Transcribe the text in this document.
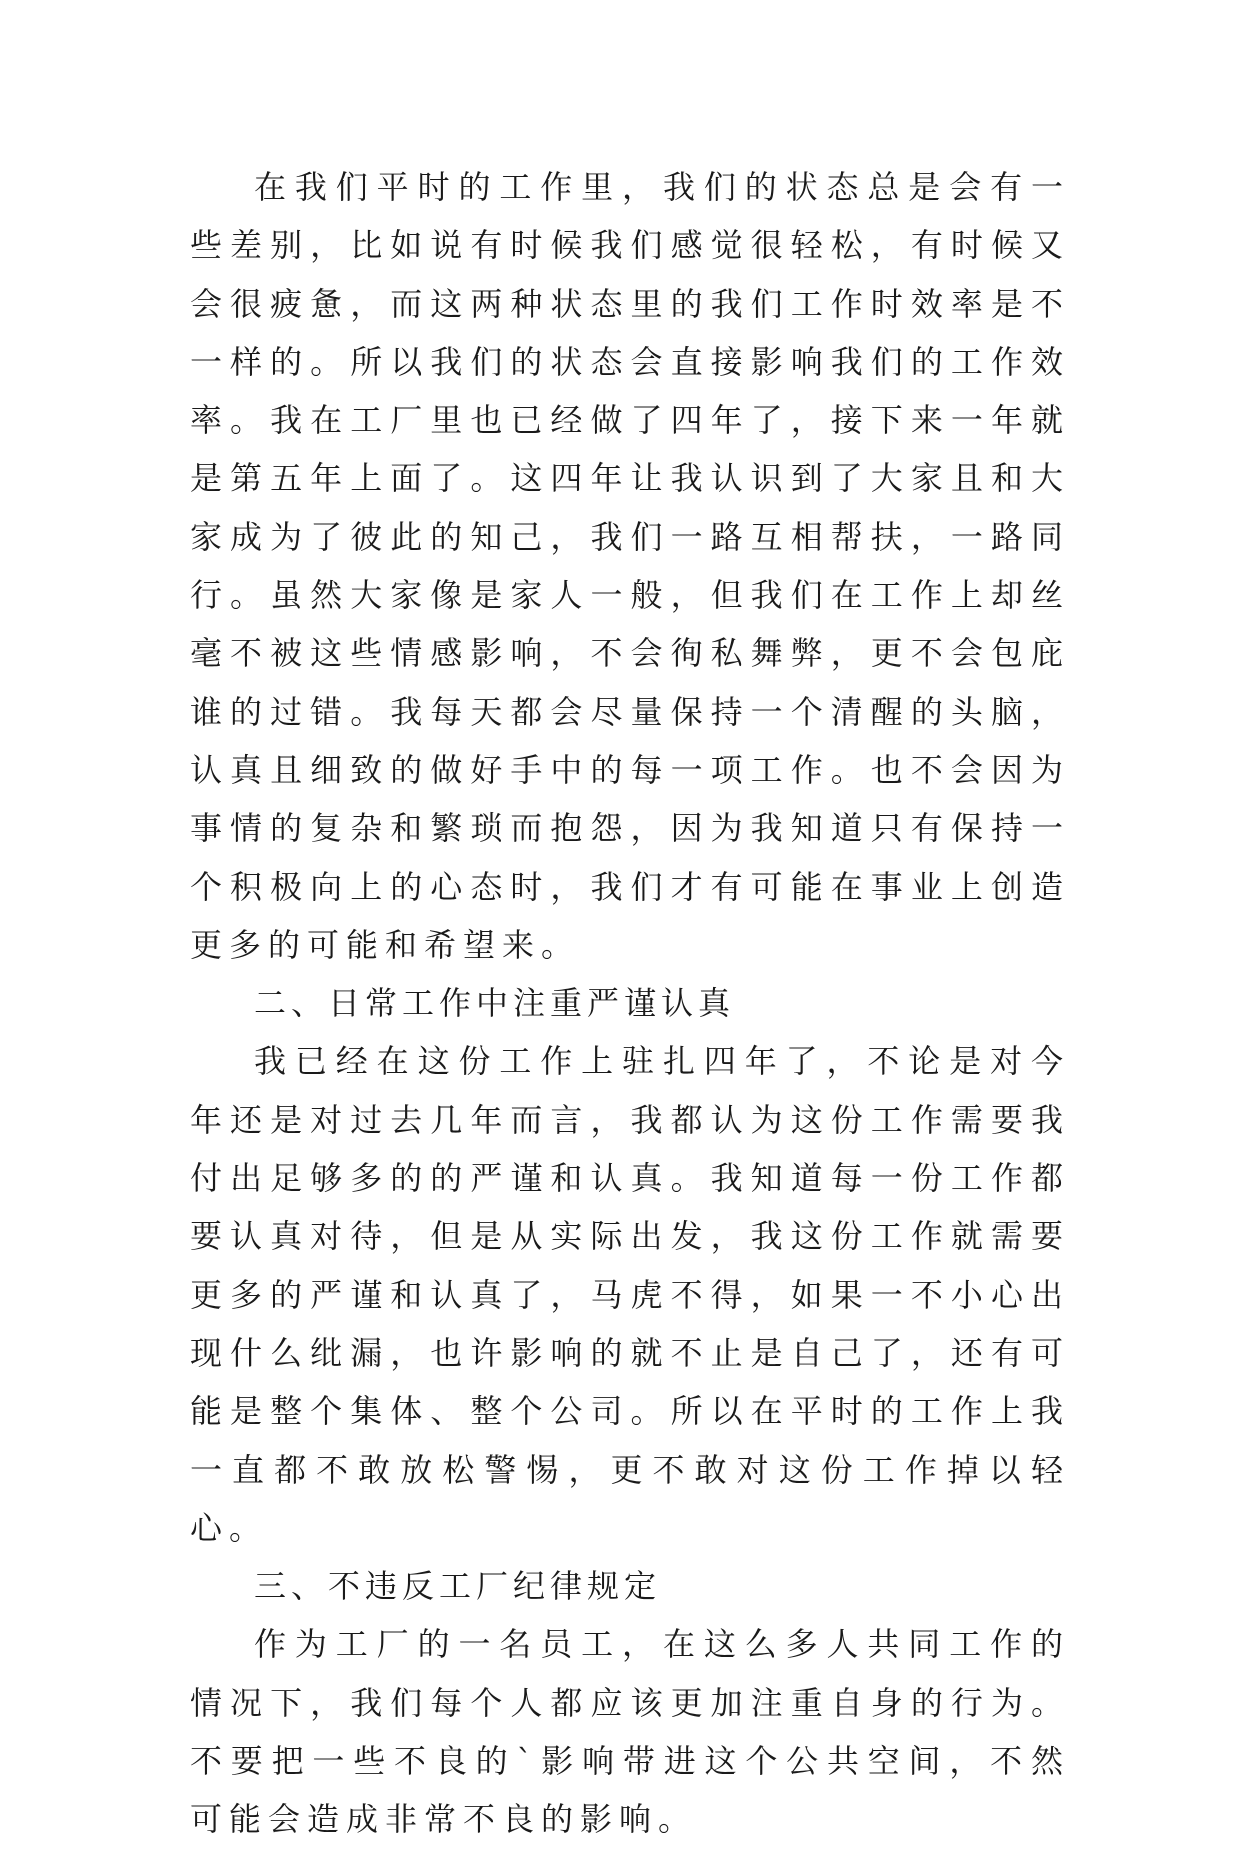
在我们平时的工作里，我们的状态总是会有一些差别，比如说有时候我们感觉很轻松，有时候又会很疲惫，而这两种状态里的我们工作时效率是不一样的。所以我们的状态会直接影响我们的工作效率。我在工厂里也已经做了四年了，接下来一年就是第五年上面了。这四年让我认识到了大家且和大家成为了彼此的知己，我们一路互相帮扶，一路同行。虽然大家像是家人一般，但我们在工作上却丝毫不被这些情感影响，不会徇私舞弊，更不会包庇谁的过错。我每天都会尽量保持一个清醒的头脑，认真且细致的做好手中的每一项工作。也不会因为事情的复杂和繁琐而抱怨，因为我知道只有保持一个积极向上的心态时，我们才有可能在事业上创造更多的可能和希望来。

二、日常工作中注重严谨认真

我已经在这份工作上驻扎四年了，不论是对今年还是对过去几年而言，我都认为这份工作需要我付出足够多的的严谨和认真。我知道每一份工作都要认真对待，但是从实际出发，我这份工作就需要更多的严谨和认真了，马虎不得，如果一不小心出现什么纰漏，也许影响的就不止是自己了，还有可能是整个集体、整个公司。所以在平时的工作上我一直都不敢放松警惕，更不敢对这份工作掉以轻心。

三、不违反工厂纪律规定

作为工厂的一名员工，在这么多人共同工作的情况下，我们每个人都应该更加注重自身的行为。不要把一些不良的`影响带进这个公共空间，不然可能会造成非常不良的影响。
